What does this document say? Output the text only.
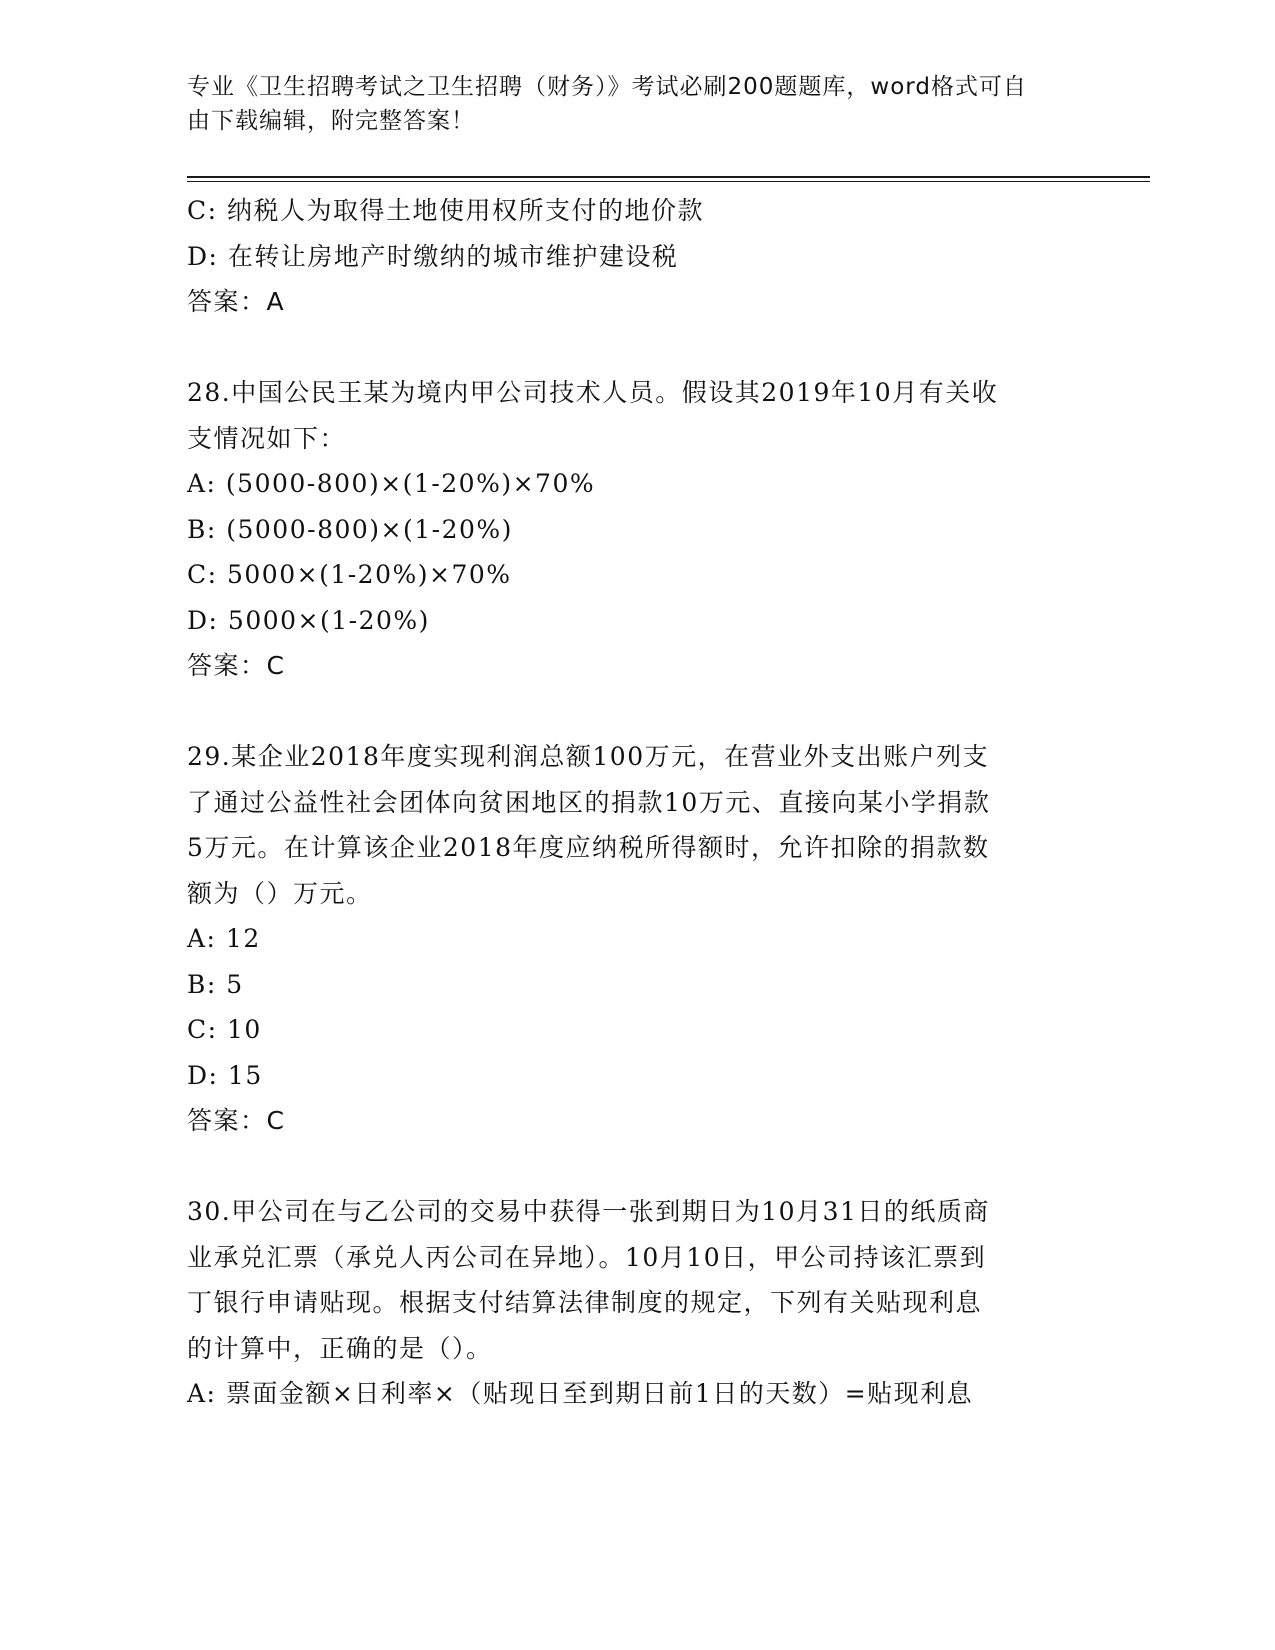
专业《卫生招聘考试之卫生招聘（财务）》考试必刷200题题库，word格式可自
由下载编辑，附完整答案！
C: 纳税人为取得土地使用权所支付的地价款
D: 在转让房地产时缴纳的城市维护建设税
答案：A
28.中国公民王某为境内甲公司技术人员。假设其2019年10月有关收
支情况如下：
A: (5000-800)×(1-20%)×70%
B: (5000-800)×(1-20%)
C: 5000×(1-20%)×70%
D: 5000×(1-20%)
答案：C
29.某企业2018年度实现利润总额100万元，在营业外支出账户列支
了通过公益性社会团体向贫困地区的捐款10万元、直接向某小学捐款
5万元。在计算该企业2018年度应纳税所得额时，允许扣除的捐款数
额为（）万元。
A: 12
B: 5
C: 10
D: 15
答案：C
30.甲公司在与乙公司的交易中获得一张到期日为10月31日的纸质商
业承兑汇票（承兑人丙公司在异地）。10月10日，甲公司持该汇票到
丁银行申请贴现。根据支付结算法律制度的规定，下列有关贴现利息
的计算中，正确的是（）。
A: 票面金额×日利率×（贴现日至到期日前1日的天数）=贴现利息
